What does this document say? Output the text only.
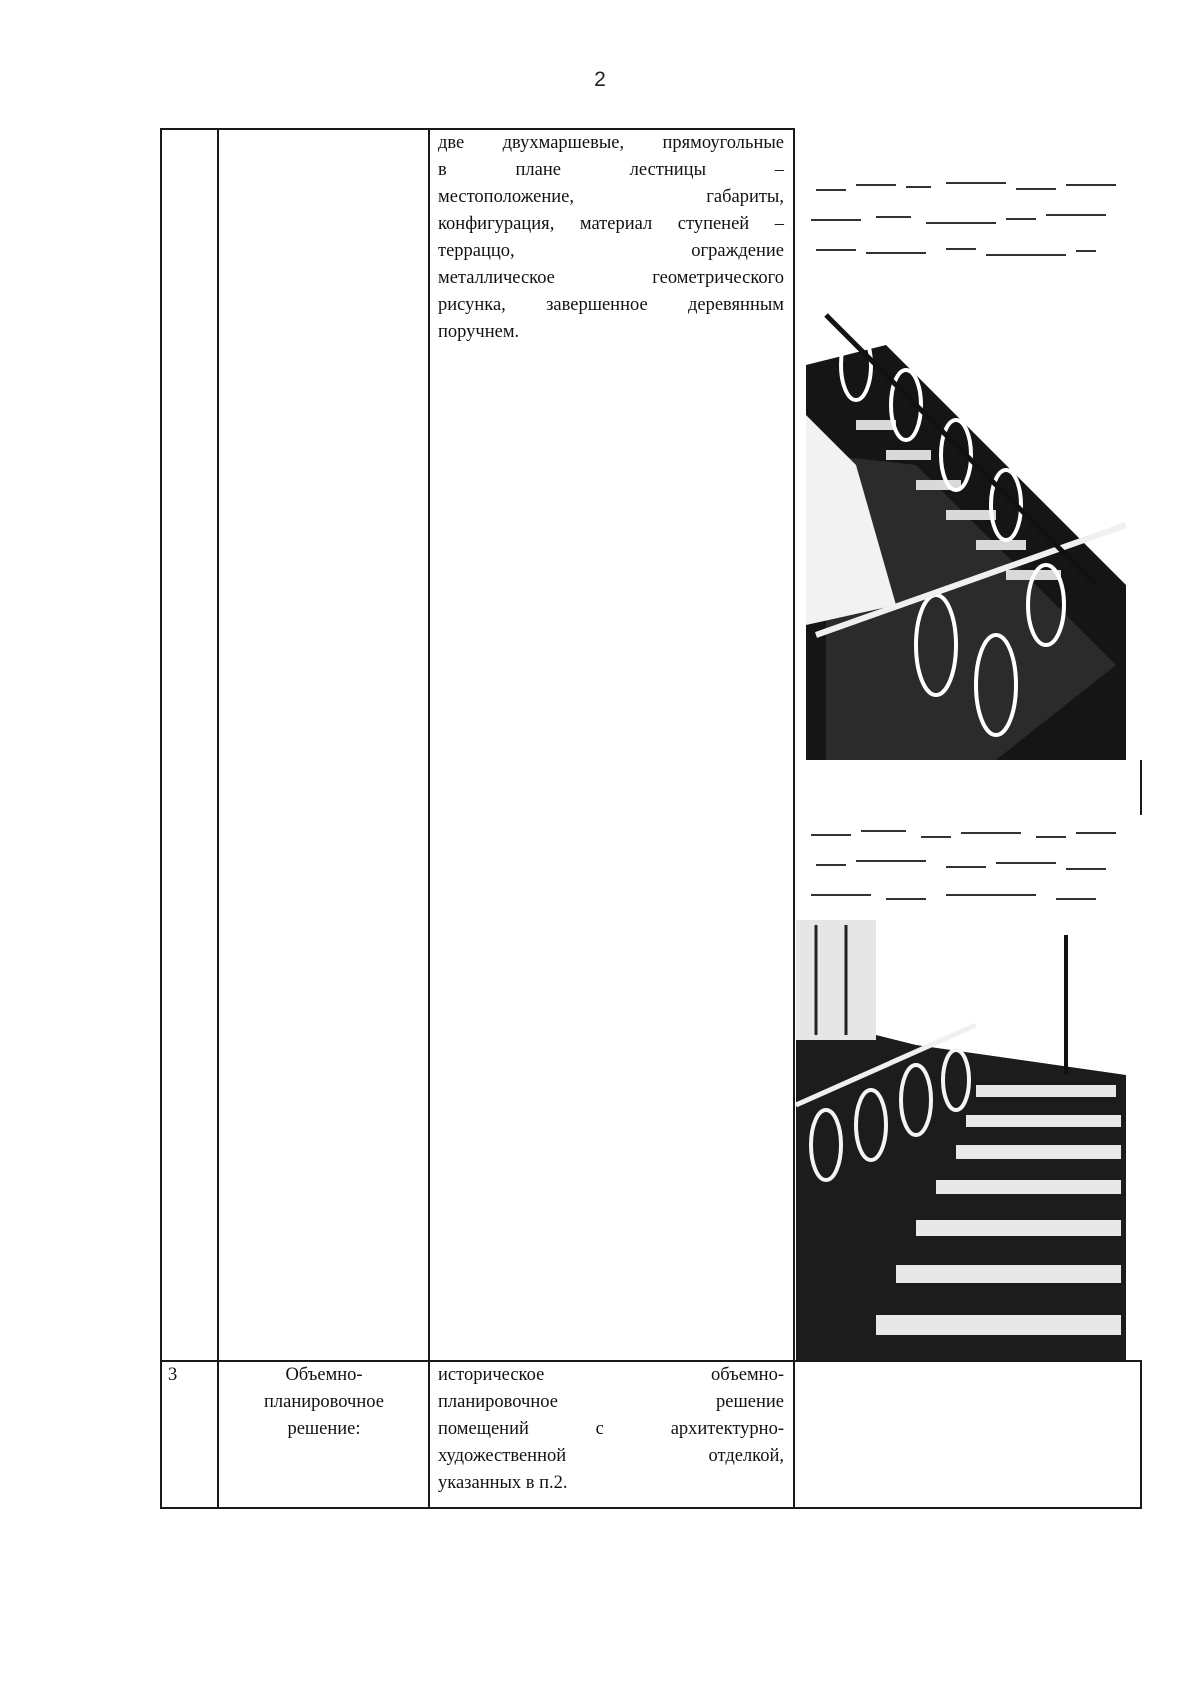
2
две двухмаршевые, прямоугольные
в плане лестницы –
местоположение, габариты,
конфигурация, материал ступеней –
терраццо, ограждение
металлическое геометрического
рисунка, завершенное деревянным
поручнем.
3	Объемно-
планировочное
решение:
историческое объемно-
планировочное решение
помещений с архитектурно-
художественной отделкой,
указанных в п.2.
